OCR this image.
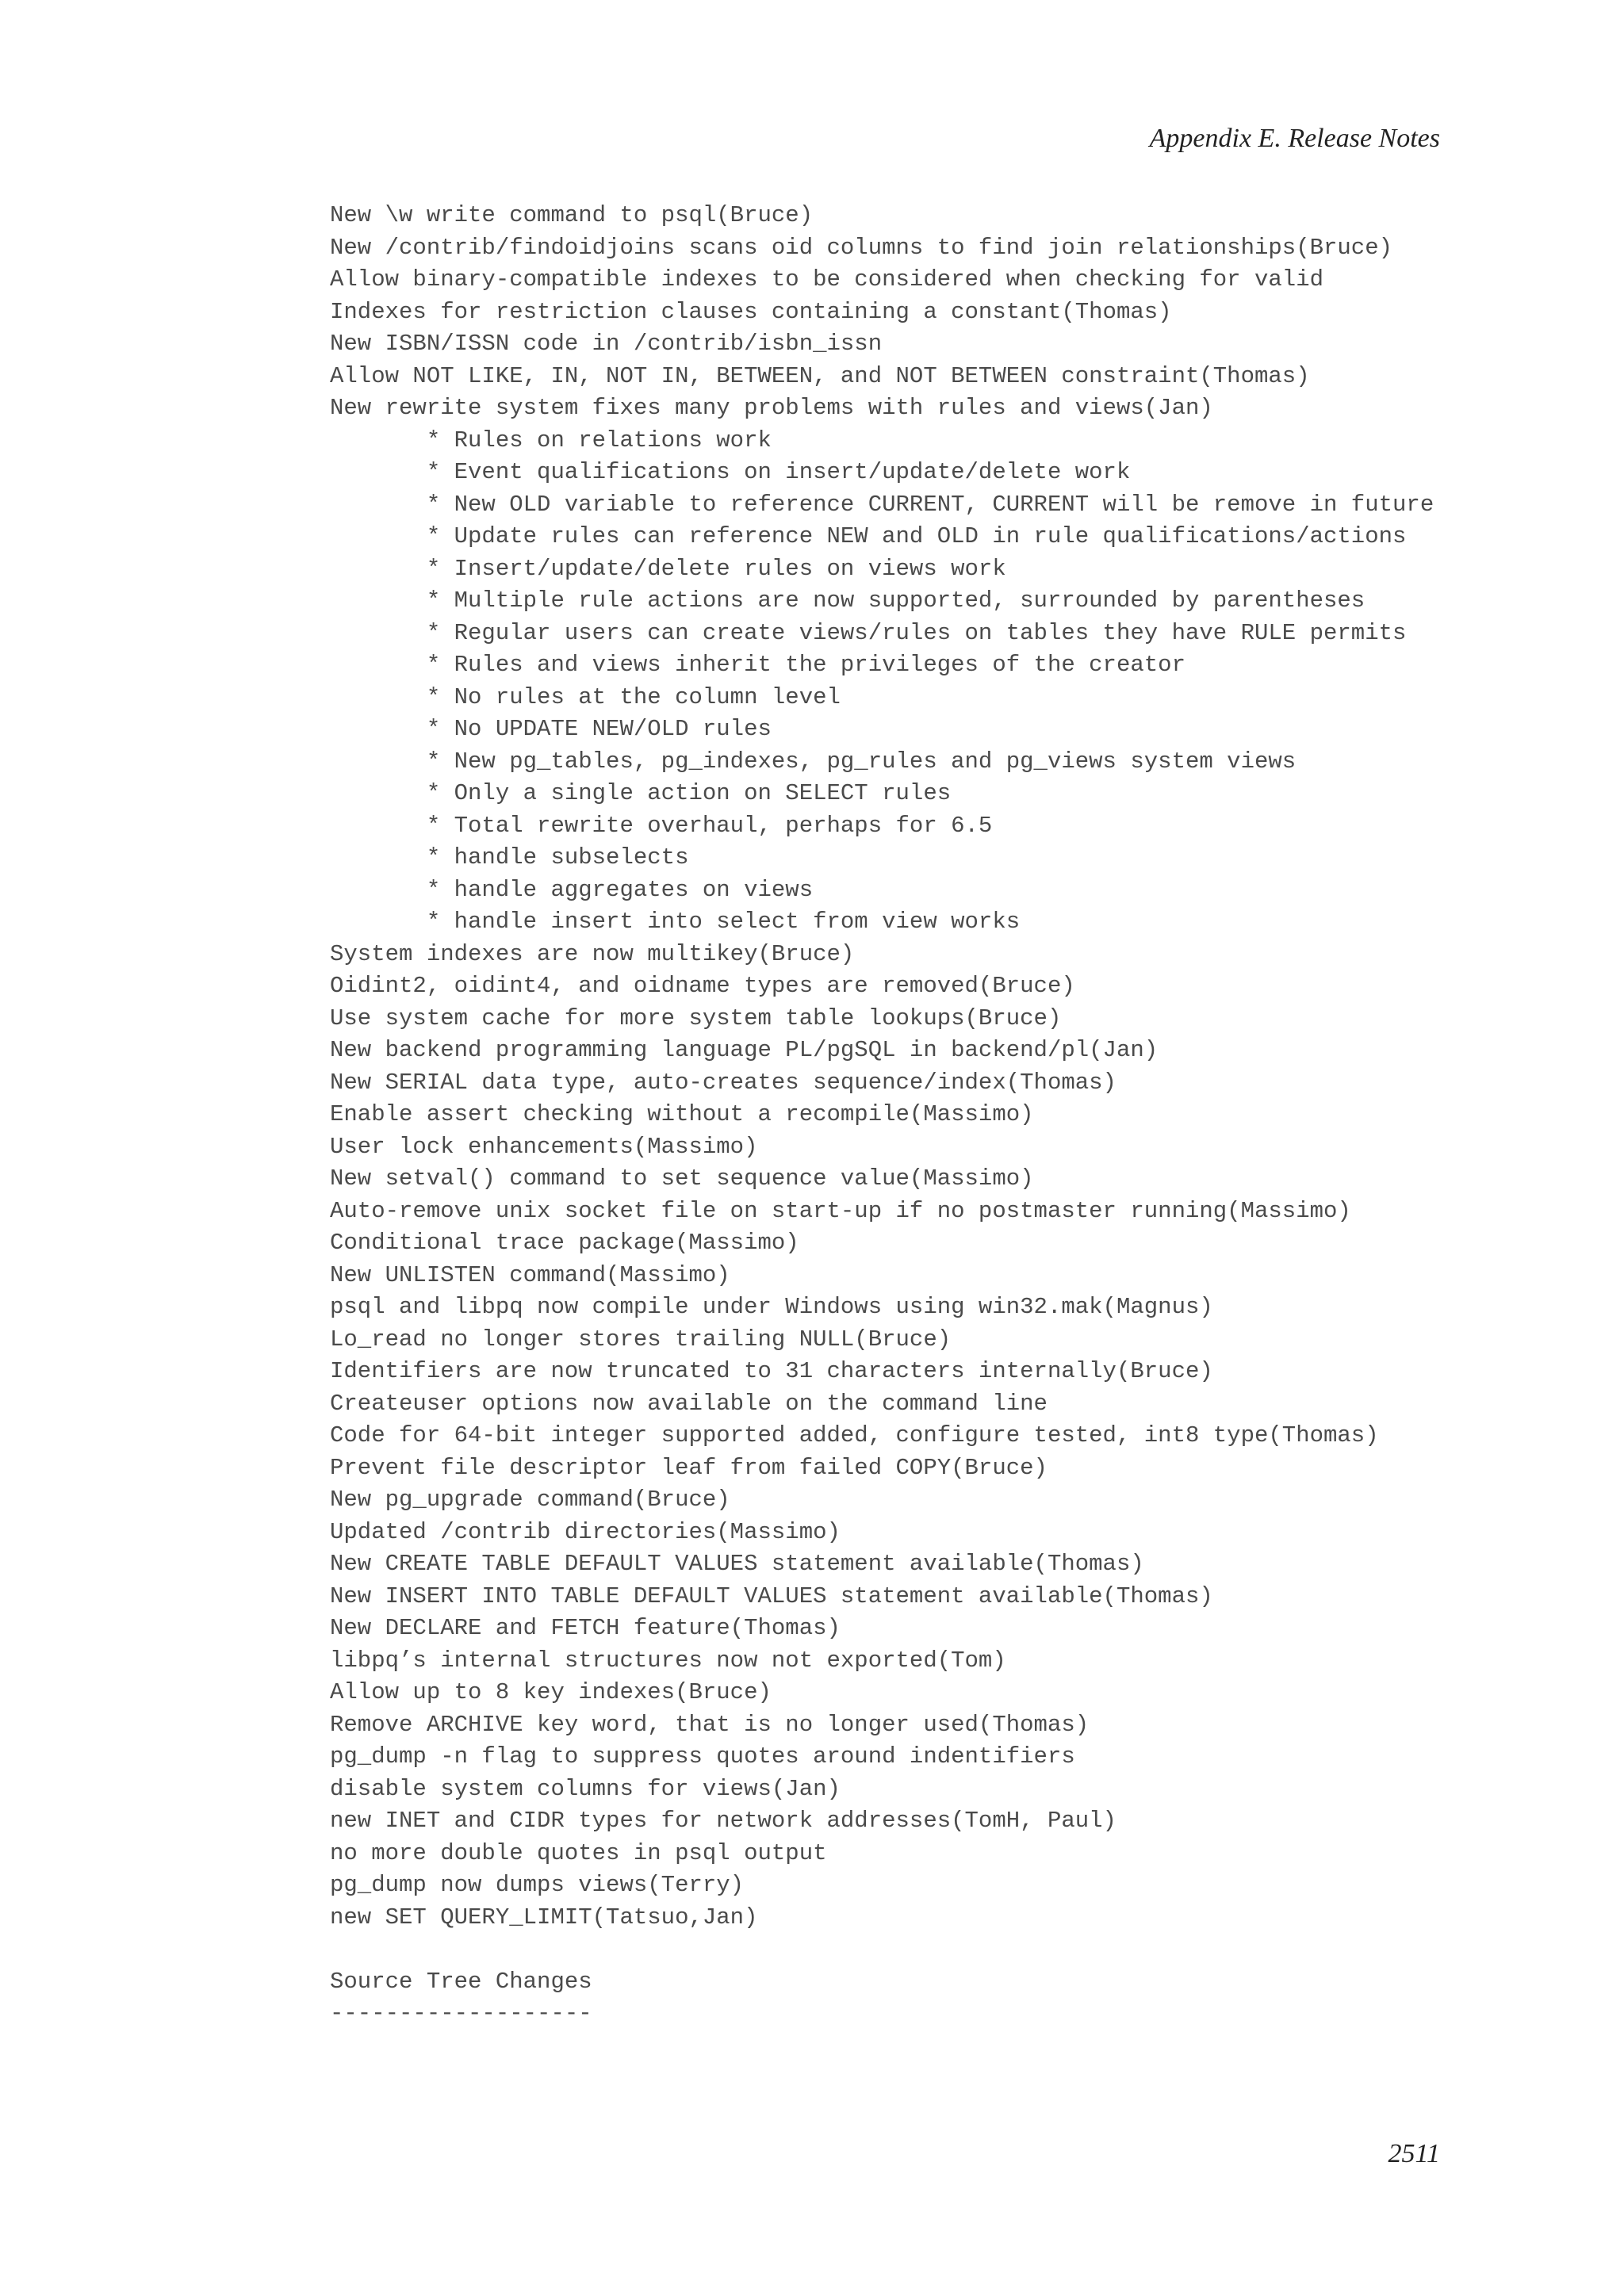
Appendix E. Release Notes
New \w write command to psql(Bruce)
New /contrib/findoidjoins scans oid columns to find join relationships(Bruce)
Allow binary-compatible indexes to be considered when checking for valid
Indexes for restriction clauses containing a constant(Thomas)
New ISBN/ISSN code in /contrib/isbn_issn
Allow NOT LIKE, IN, NOT IN, BETWEEN, and NOT BETWEEN constraint(Thomas)
New rewrite system fixes many problems with rules and views(Jan)
* Rules on relations work
* Event qualifications on insert/update/delete work
* New OLD variable to reference CURRENT, CURRENT will be remove in future
* Update rules can reference NEW and OLD in rule qualifications/actions
* Insert/update/delete rules on views work
* Multiple rule actions are now supported, surrounded by parentheses
* Regular users can create views/rules on tables they have RULE permits
* Rules and views inherit the privileges of the creator
* No rules at the column level
* No UPDATE NEW/OLD rules
* New pg_tables, pg_indexes, pg_rules and pg_views system views
* Only a single action on SELECT rules
* Total rewrite overhaul, perhaps for 6.5
* handle subselects
* handle aggregates on views
* handle insert into select from view works
System indexes are now multikey(Bruce)
Oidint2, oidint4, and oidname types are removed(Bruce)
Use system cache for more system table lookups(Bruce)
New backend programming language PL/pgSQL in backend/pl(Jan)
New SERIAL data type, auto-creates sequence/index(Thomas)
Enable assert checking without a recompile(Massimo)
User lock enhancements(Massimo)
New setval() command to set sequence value(Massimo)
Auto-remove unix socket file on start-up if no postmaster running(Massimo)
Conditional trace package(Massimo)
New UNLISTEN command(Massimo)
psql and libpq now compile under Windows using win32.mak(Magnus)
Lo_read no longer stores trailing NULL(Bruce)
Identifiers are now truncated to 31 characters internally(Bruce)
Createuser options now available on the command line
Code for 64-bit integer supported added, configure tested, int8 type(Thomas)
Prevent file descriptor leaf from failed COPY(Bruce)
New pg_upgrade command(Bruce)
Updated /contrib directories(Massimo)
New CREATE TABLE DEFAULT VALUES statement available(Thomas)
New INSERT INTO TABLE DEFAULT VALUES statement available(Thomas)
New DECLARE and FETCH feature(Thomas)
libpq’s internal structures now not exported(Tom)
Allow up to 8 key indexes(Bruce)
Remove ARCHIVE key word, that is no longer used(Thomas)
pg_dump -n flag to suppress quotes around indentifiers
disable system columns for views(Jan)
new INET and CIDR types for network addresses(TomH, Paul)
no more double quotes in psql output
pg_dump now dumps views(Terry)
new SET QUERY_LIMIT(Tatsuo,Jan)
Source Tree Changes
-------------------
2511
